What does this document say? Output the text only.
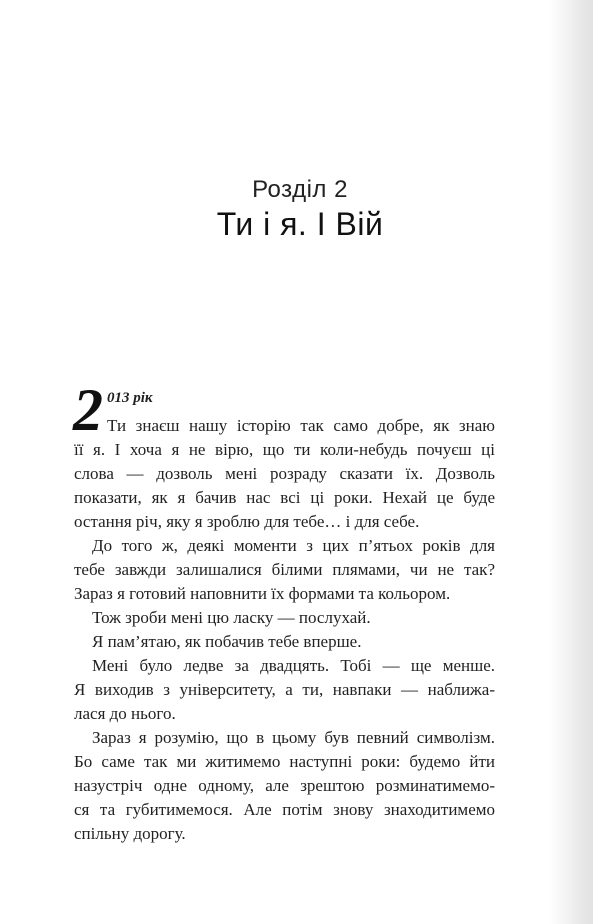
Розділ 2
Ти і я. І Вій
2 013 рік
Ти знаєш нашу історію так само добре, як знаю
її я. І хоча я не вірю, що ти коли-небудь почуєш ці
слова — дозволь мені розраду сказати їх. Дозволь
показати, як я бачив нас всі ці роки. Нехай це буде
остання річ, яку я зроблю для тебе… і для себе.
До того ж, деякі моменти з цих п’ятьох років для
тебе завжди залишалися білими плямами, чи не так?
Зараз я готовий наповнити їх формами та кольором.
Тож зроби мені цю ласку — послухай.
Я пам’ятаю, як побачив тебе вперше.
Мені було ледве за двадцять. Тобі — ще менше.
Я виходив з університету, а ти, навпаки — наближа-
лася до нього.
Зараз я розумію, що в цьому був певний символізм.
Бо саме так ми житимемо наступні роки: будемо йти
назустріч одне одному, але зрештою розминатимемо-
ся та губитимемося. Але потім знову знаходитимемо
спільну дорогу.
